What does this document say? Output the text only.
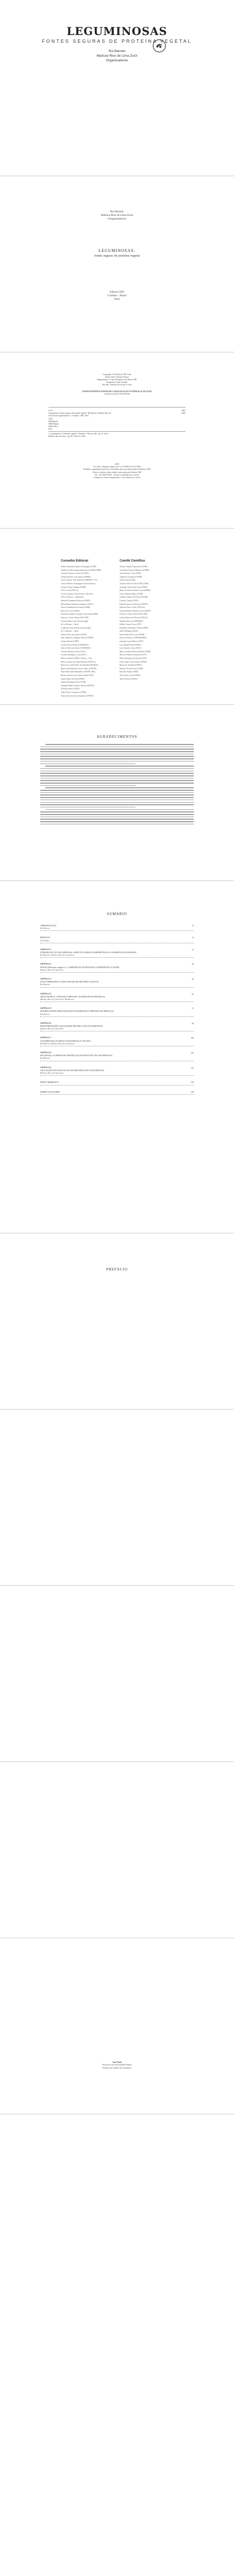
LEGUMINOSAS
FONTES SEGURAS DE PROTEÍNA VEGETAL
Rui Barreto
Marluce Rios de Lima Zorzi
Organizadores
Rui Barreto
Marluce Rios de Lima Zorzi
(Organizadores)
LEGUMINOSAS:
fontes seguras de proteína vegetal
Editora CRV
Curitiba – Brasil
2022
Copyright © da Editora CRV Ltda.
Editor-chefe: Railson Moura
Diagramação e Capa: Designers da Editora CRV
Imagem de capa: Freepik
Revisão: Analista de Escrita e Artes
DADOS INTERNACIONAIS DE CATALOGAÇÃO NA PUBLICAÇÃO (CIP)
CATALOGAÇÃO NA FONTE
L512
Leguminosas: fontes seguras de proteína vegetal / Rui Barreto, Marluce Rios de
Lima Zorzi (organizadores) – Curitiba : CRV, 2022.
162 p.
Bibliografia
ISBN Digital
ISBN Físico
DOI
CDU
CDD
1. Leguminosas 2. Proteína vegetal 3. Nutrição I. Barreto, Rui. org. II. Zorzi,
Marluce Rios de Lima. org. III. Título IV. Série
2022
Foi feito o depósito legal conf. Lei 10.994 de 14/12/2004
Proibida a reprodução parcial ou total desta obra sem autorização da Editora CRV
Todos os direitos desta edição reservados pela Editora CRV
Tel.: (41) 3039-6418 – E-mail: sac@editoracrv.com.br
Conheça os nossos lançamentos: www.editoracrv.com.br
Conselho Editorial
Aldira Guimarães Duarte Domínguez (UNB)
Andréia da Silva Quintanilha Sousa (UNIR/UFRN)
Anselmo Alencar Colares (UFOPA)
Antônio Pereira Gaio Júnior (UFRRJ)
Carlos Alberto Vilar Estêvão (UMINHO – PT)
Carlos Federico Dominguez Avila (Unieuro)
Carmen Tereza Velanga (UNIR)
Celso Conti (UFSCar)
Cesar Gerónimo Tello (Univer. Nacional
Três de Febrero – Argentina)
Eduardo Fernandes Barbosa (UFMG)
Elione Maria Nogueira Diogenes (UFAL)
Elizeu Clementino de Souza (UNEB)
Élsio José Corá (UFFS)
Fernando Antônio Gonçalves Alcoforado (IPB)
Francisco Carlos Duarte (PUC-PR)
Gloria Fariñas León (Universidade
de La Havana – Cuba)
Guillermo Arias Beatón (Universidade
de La Havana – Cuba)
Jailson Alves dos Santos (UFRJ)
João Adalberto Campato Junior (UNESP)
Josania Portela (UFPI)
Leonel Severo Rocha (UNISINOS)
Lídia de Oliveira Xavier (UNIEURO)
Lourdes Helena da Silva (UFV)
Luciano Rodrigues Costa (UFV)
Marcelo Paixão (UFRJ e UTexas – US)
Maria Cristina dos Santos Bezerra (UFSCar)
Maria de Lourdes Pinto de Almeida (UNOESC)
Maria Lília Imbiriba Sousa Colares (UFOPA)
Paulo Romualdo Hernandes (UNIFAL-MG)
Renato Francisco dos Santos Paula (UFG)
Sérgio Nunes de Jesus (IFRO)
Simone Rodrigues Pinto (UNB)
Solange Helena Ximenes-Rocha (UFOPA)
Sydione Santos (UEPG)
Tadeu Oliver Gonçalves (UFPA)
Tania Suely Azevedo Brasileiro (UFOPA)
Comitê Científico
Afonso Cláudio Figueiredo (UFRJ)
Ana Maria Ferreira Menezes (UNEB)
Ana Monteiro Costa (UPE)
Anderson Catapan (UTFPR)
André Nunes (UnB)
Antonio Isidro da Silva Filho (UNB)
Armando João Dalla Costa (UFPR)
Breno de Paula Andrade Cruz (UFRRJ)
Carlos Alberto Ramos (UNB)
Clailton Ataídes de Freitas (UFSM)
Claudio Gontijo (UFSJ)
Daniel Ferreira de Oliveira (UFMT)
Eduardo Pinto e Silva (UFSCar)
Jucilene Ribeiro Martins Costa (UERJ)
Francisco Carlos Duarte (PUC-PR)
Gilson Batista de Oliveira (UNILA)
Hamilton Pozo (UNIPAMPA)
Helder Gomes Costa (UFF)
Humberto Fernandes Villela (UFRJ)
Jadir Rodrigues (UFJF)
Jansen Maia Del Corso (UFPR)
Jeferson Tenório (UNIGRANRIO)
Joaquim Lopes Ribeiro (UFF)
Luís Manuel Dias (UFMG)
Luiz Antonio Castro (UFU)
Marco Aurélio Pereira Andrade (UFRJ)
Marcos Antônio Gonçalves (UFV)
Nilton Marques de Oliveira (UFT)
Pedro Jorge Vieira Santos (UFPR)
Renata de Almeida (UFMA)
Roberto Pereira Lima (UNIR)
Ronaldo Araújo (UFRJ)
Silvia Dias Costa (UEMS)
Tales Ferreira (UFBA)
AGRADECIMENTOS
SUMÁRIO
APRESENTAÇÃO
Rui Barreto
11
PREFÁCIO
Ana Paula
13
CAPÍTULO 1
INTRODUÇÃO ÀS LEGUMINOSAS: ASPECTOS GERAIS E IMPORTÂNCIA NA ALIMENTAÇÃO HUMANA
Rui Barreto; Marluce Rios de Lima Zorzi
17
CAPÍTULO 2
FEIJÃO (Phaseolus vulgaris L.): COMPOSIÇÃO NUTRICIONAL E BENEFÍCIOS À SAÚDE
Marluce Rios de Lima Zorzi
29
CAPÍTULO 3
SOJA E DERIVADOS: FONTE SEGURA DE PROTEÍNA VEGETAL
Rui Barreto
45
CAPÍTULO 4
GRÃO-DE-BICO, LENTILHA E ERVILHA: ALTERNATIVAS PROTEICAS
Marluce Rios de Lima Zorzi; Rui Barreto
61
CAPÍTULO 5
FATORES ANTINUTRICIONAIS EM LEGUMINOSAS E MÉTODOS DE REDUÇÃO
Rui Barreto
77
CAPÍTULO 6
DIGESTIBILIDADE E QUALIDADE PROTEICA DAS LEGUMINOSAS
Marluce Rios de Lima Zorzi
93
CAPÍTULO 7
LEGUMINOSAS NA DIETA VEGETARIANA E VEGANA
Rui Barreto; Marluce Rios de Lima Zorzi
109
CAPÍTULO 8
SEGURANÇA ALIMENTAR E PRODUÇÃO SUSTENTÁVEL DE LEGUMINOSAS
Rui Barreto
125
CAPÍTULO 9
APLICAÇÕES TECNOLÓGICAS DAS PROTEÍNAS DE LEGUMINOSAS
Marluce Rios de Lima Zorzi
141
ÍNDICE REMISSIVO	155
SOBRE OS AUTORES	159
PREFÁCIO
Ana Paula
Professora da Universidade Federal
Doutora em Ciência dos Alimentos
